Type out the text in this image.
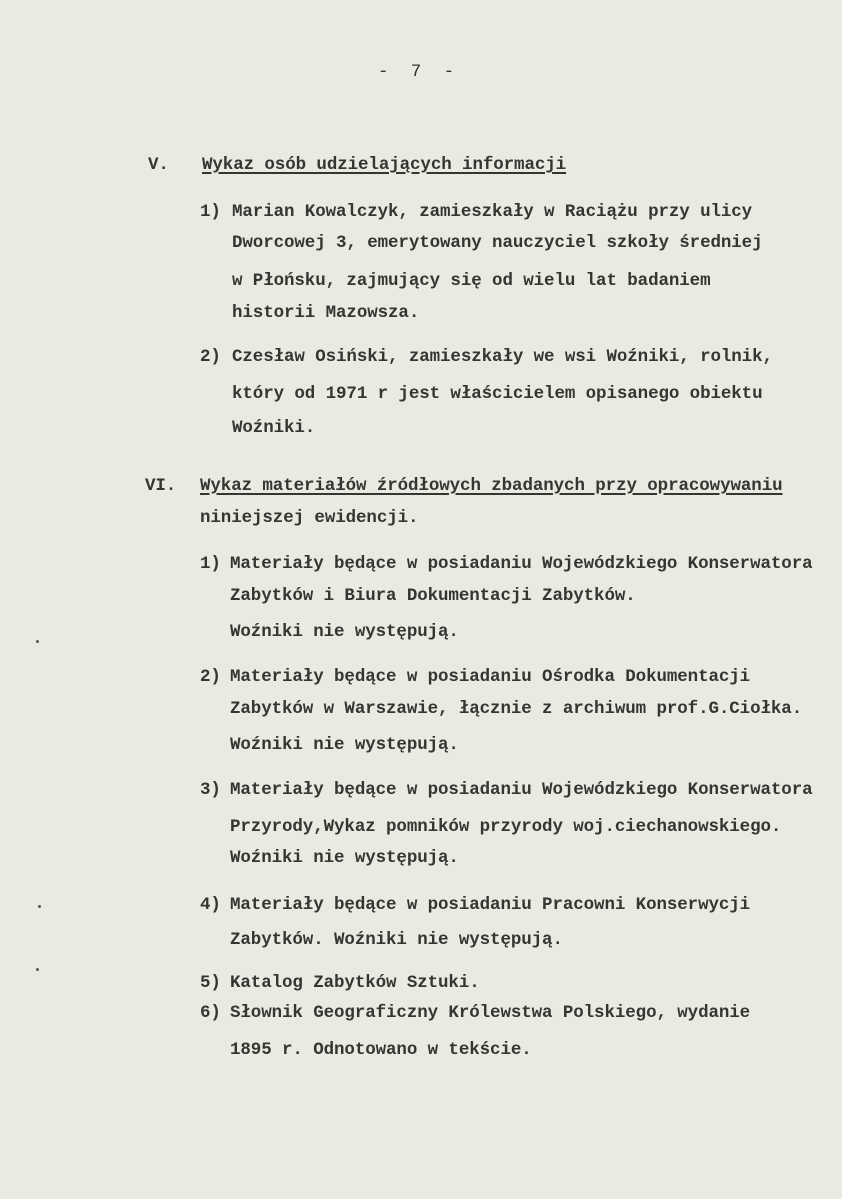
- 7 -
V. Wykaz osób udzielających informacji
1) Marian Kowalczyk, zamieszkały w Raciążu przy ulicy
Dworcowej 3, emerytowany nauczyciel szkoły średniej
w Płońsku, zajmujący się od wielu lat badaniem
historii Mazowsza.
2) Czesław Osiński, zamieszkały we wsi Woźniki, rolnik,
który od 1971 r jest właścicielem opisanego obiektu
Woźniki.
VI. Wykaz materiałów źródłowych zbadanych przy opracowywaniu
niniejszej ewidencji.
1) Materiały będące w posiadaniu Wojewódzkiego Konserwatora
Zabytków i Biura Dokumentacji Zabytków.
Woźniki nie występują.
2) Materiały będące w posiadaniu Ośrodka Dokumentacji
Zabytków w Warszawie, łącznie z archiwum prof.G.Ciołka.
Woźniki nie występują.
3) Materiały będące w posiadaniu Wojewódzkiego Konserwatora
Przyrody,Wykaz pomników przyrody woj.ciechanowskiego.
Woźniki nie występują.
4) Materiały będące w posiadaniu Pracowni Konserwycji
Zabytków. Woźniki nie występują.
5) Katalog Zabytków Sztuki.
6) Słownik Geograficzny Królewstwa Polskiego, wydanie
1895 r. Odnotowano w tekście.
